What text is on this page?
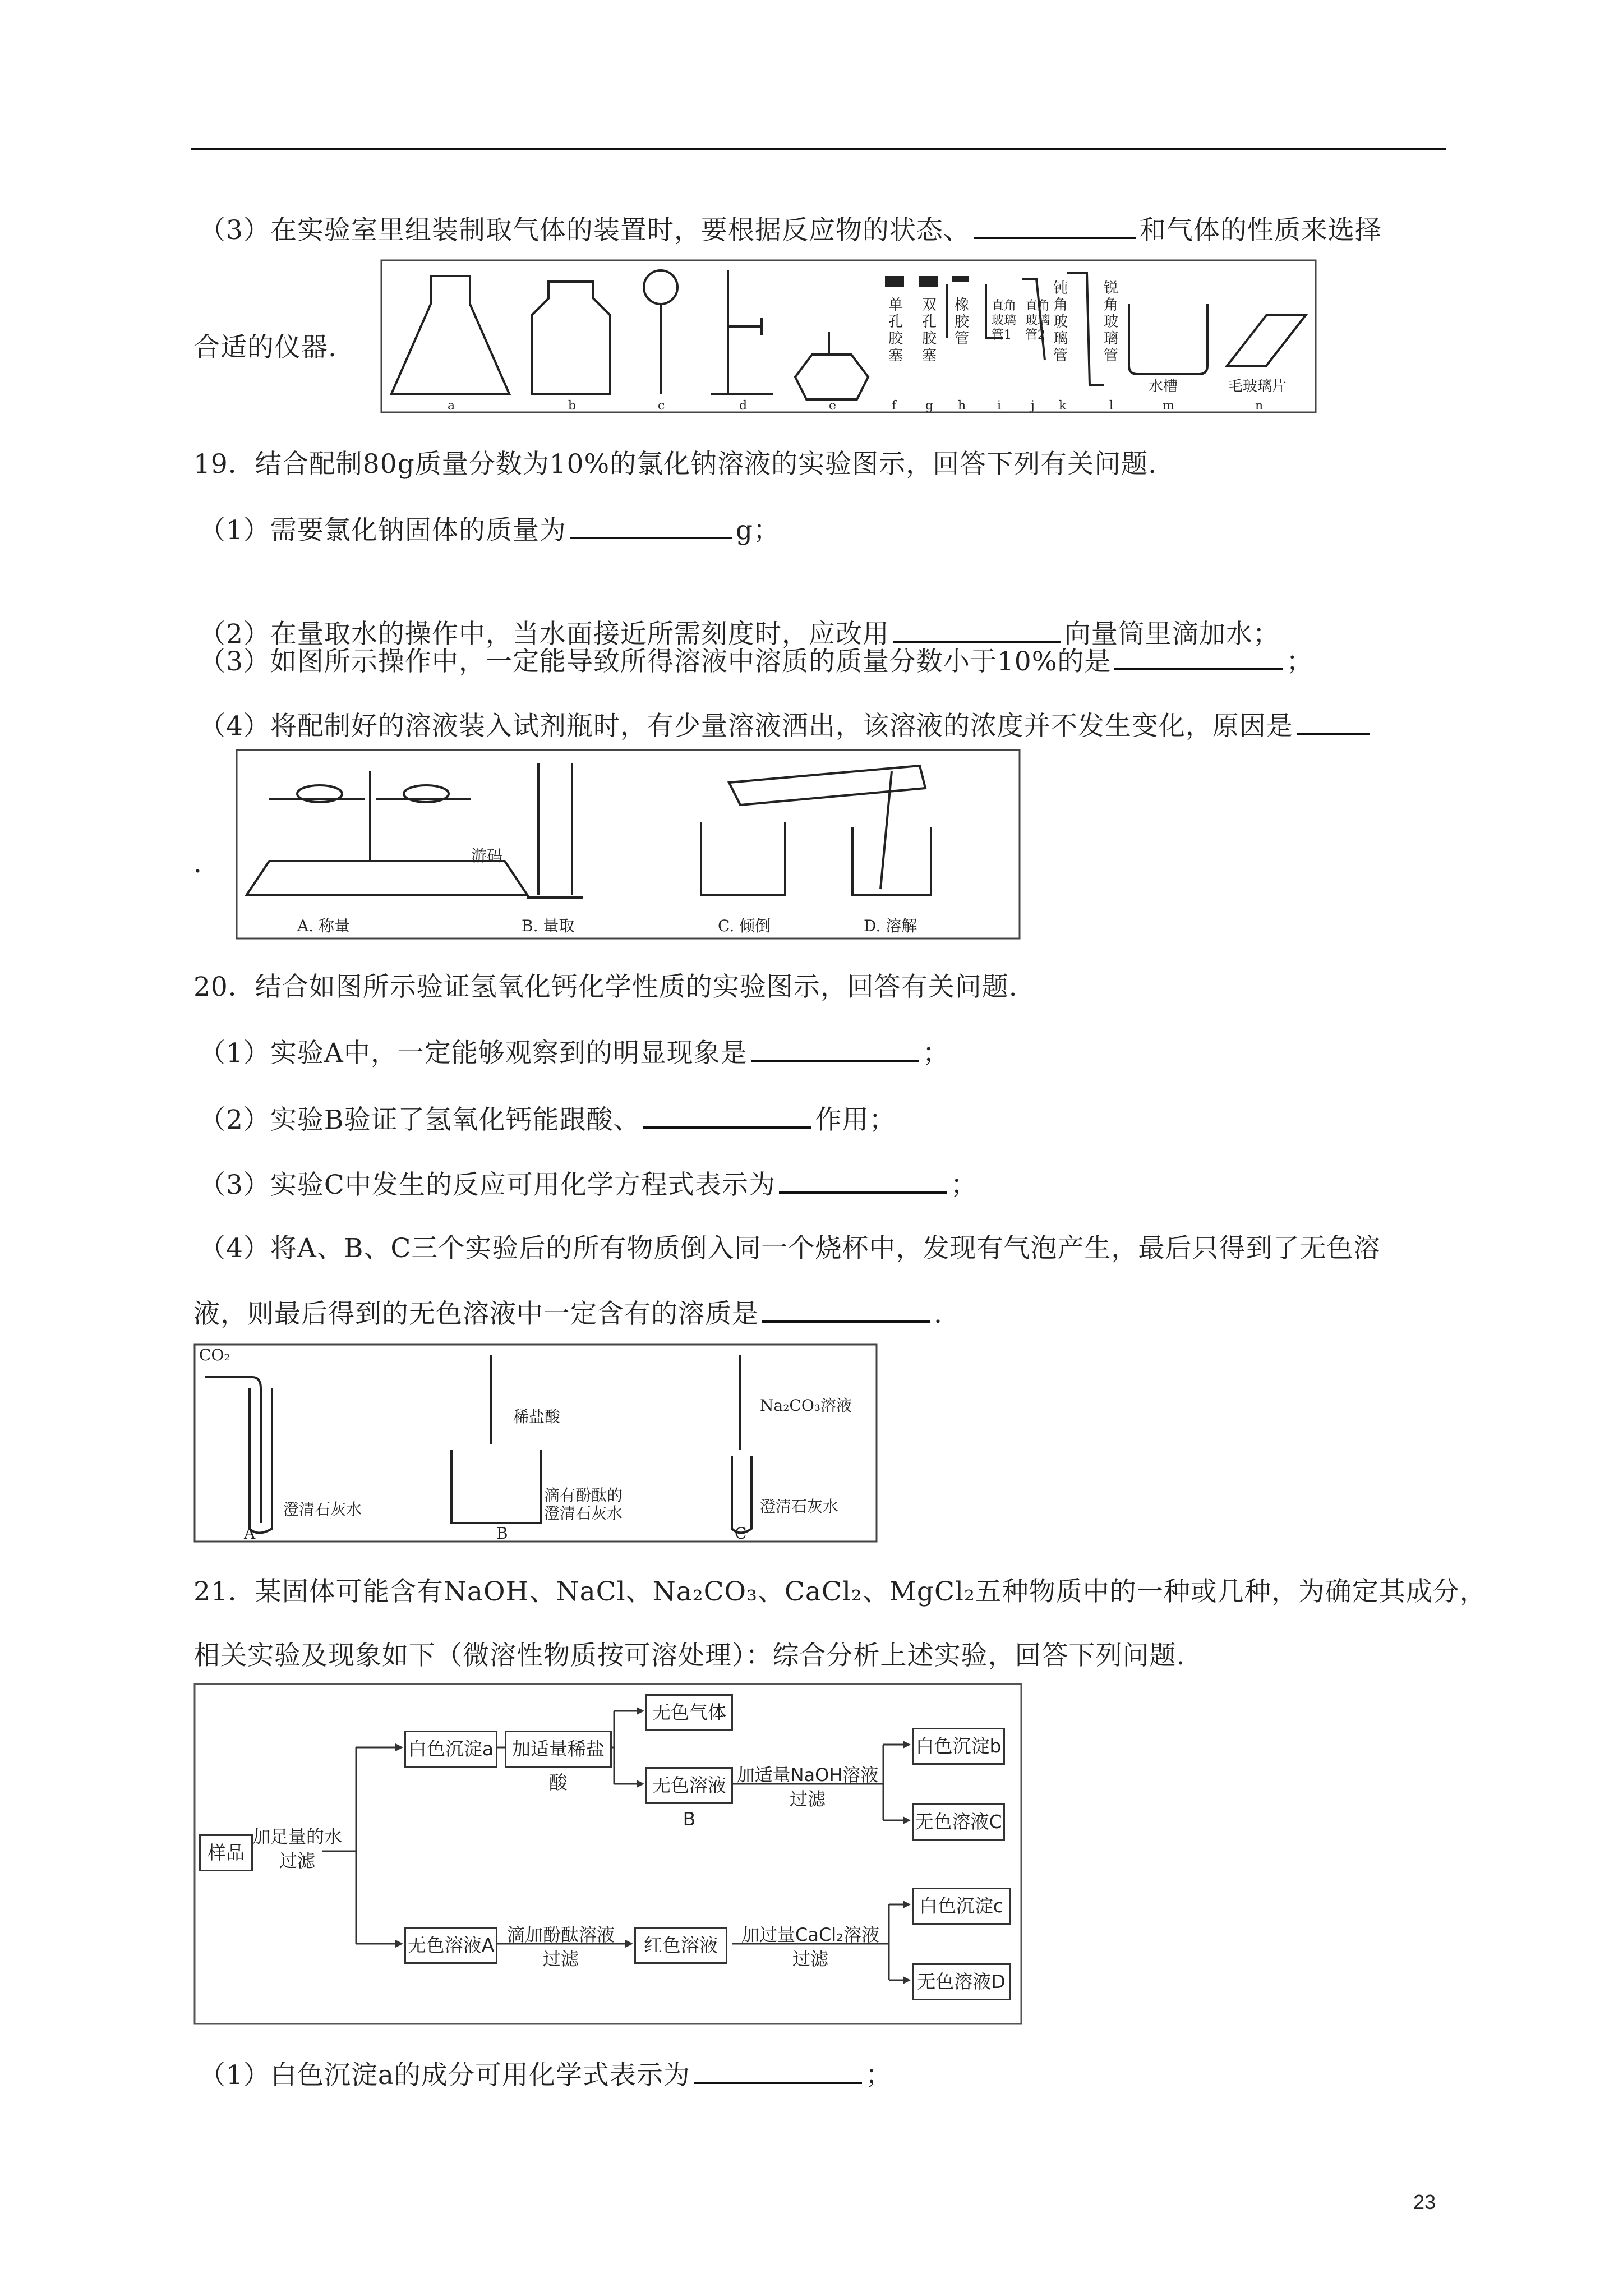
（3）在实验室里组装制取气体的装置时，要根据反应物的状态、	和气体的性质来选择
合适的仪器.
单孔胶塞
双孔胶塞
橡胶管
直角玻璃管1
直角玻璃管2
钝角玻璃管
锐角玻璃管
水槽	毛玻璃片
a	b	c	d	e	f g h	i j k	l	m	n
19．结合配制80g质量分数为10%的氯化钠溶液的实验图示，回答下列有关问题.
（1）需要氯化钠固体的质量为	g；
（2）在量取水的操作中，当水面接近所需刻度时，应改用	向量筒里滴加水；
（3）如图所示操作中，一定能导致所得溶液中溶质的质量分数小于10%的是	；
（4）将配制好的溶液装入试剂瓶时，有少量溶液洒出，该溶液的浓度并不发生变化，原因是
.	游码
A. 称量	B. 量取	C. 倾倒	D. 溶解
20．结合如图所示验证氢氧化钙化学性质的实验图示，回答有关问题.
（1）实验A中，一定能够观察到的明显现象是	；
（2）实验B验证了氢氧化钙能跟酸、	作用；
（3）实验C中发生的反应可用化学方程式表示为	；
（4）将A、B、C三个实验后的所有物质倒入同一个烧杯中，发现有气泡产生，最后只得到了无色溶
液，则最后得到的无色溶液中一定含有的溶质是	.
CO₂
澄清石灰水
A
稀盐酸
滴有酚酞的
澄清石灰水
B
Na₂CO₃溶液
澄清石灰水
C
21．某固体可能含有NaOH、NaCl、Na₂CO₃、CaCl₂、MgCl₂五种物质中的一种或几种，为确定其成分，
相关实验及现象如下（微溶性物质按可溶处理）：综合分析上述实验，回答下列问题.
样品
加足量的水
过滤
白色沉淀a 加适量稀盐酸
无色气体
无色溶液B
加适量NaOH溶液
过滤
白色沉淀b
无色溶液C
无色溶液A 滴加酚酞溶液
过滤
红色溶液	加过量CaCl₂溶液
过滤
白色沉淀c
无色溶液D
（1）白色沉淀a的成分可用化学式表示为	；
23
